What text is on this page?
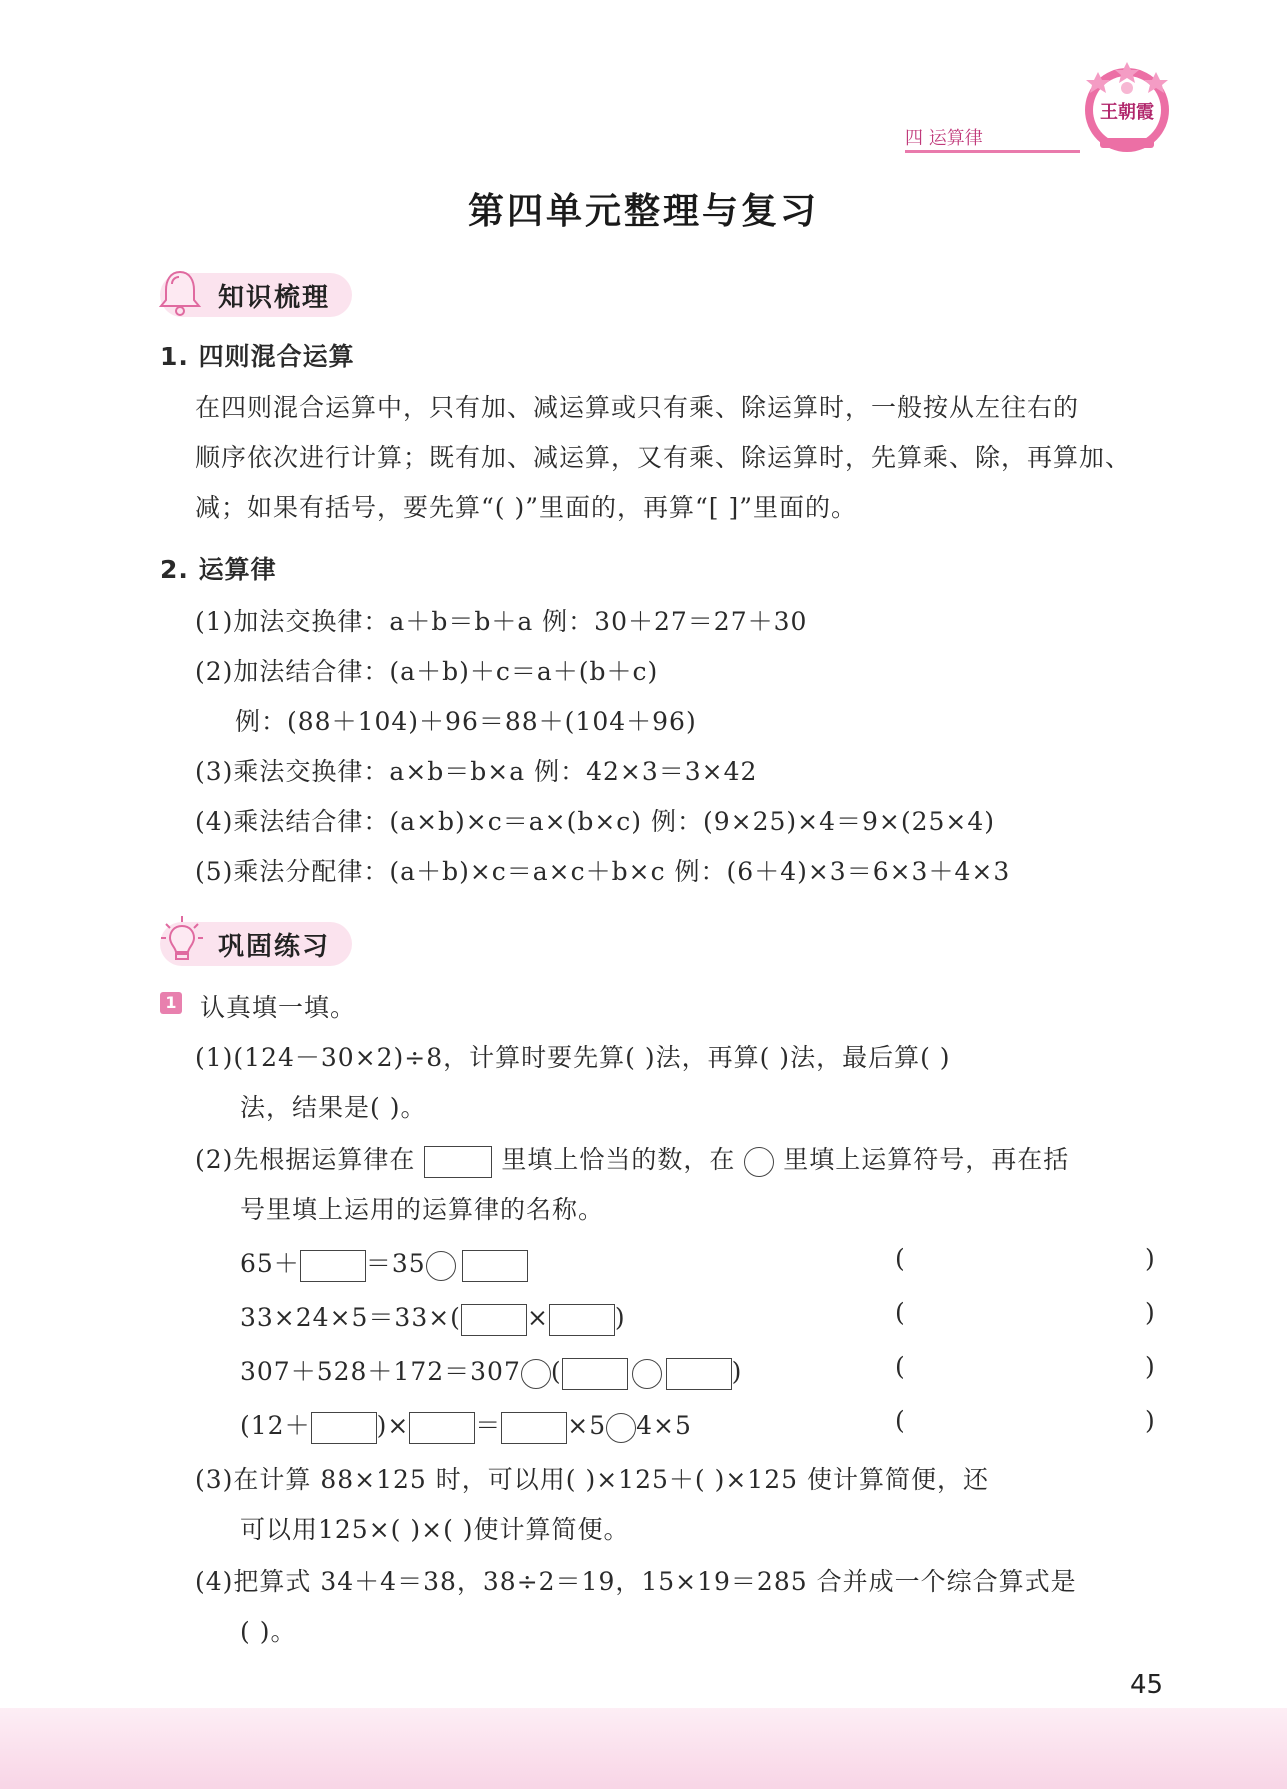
四 运算律
王朝霞
第四单元整理与复习
知识梳理
1. 四则混合运算
在四则混合运算中，只有加、减运算或只有乘、除运算时，一般按从左往右的
顺序依次进行计算；既有加、减运算，又有乘、除运算时，先算乘、除，再算加、
减；如果有括号，要先算“( )”里面的，再算“[ ]”里面的。
2. 运算律
(1)加法交换律：a＋b＝b＋a 例：30＋27＝27＋30
(2)加法结合律：(a＋b)＋c＝a＋(b＋c)
例：(88＋104)＋96＝88＋(104＋96)
(3)乘法交换律：a×b＝b×a 例：42×3＝3×42
(4)乘法结合律：(a×b)×c＝a×(b×c) 例：(9×25)×4＝9×(25×4)
(5)乘法分配律：(a＋b)×c＝a×c＋b×c 例：(6＋4)×3＝6×3＋4×3
巩固练习
1 认真填一填。
(1)(124－30×2)÷8，计算时要先算( )法，再算( )法，最后算( )
法，结果是( )。
(2)先根据运算律在	里填上恰当的数，在 里填上运算符号，再在括
号里填上运用的运算律的名称。
65＋	＝35	(	)
33×24×5＝33×(	×	)	(	)
307＋528＋172＝307 (	)	(	)
(12＋	)×	＝	×5 4×5	(	)
(3)在计算 88×125 时，可以用( )×125＋( )×125 使计算简便，还
可以用125×( )×( )使计算简便。
(4)把算式 34＋4＝38，38÷2＝19，15×19＝285 合并成一个综合算式是
( )。
45
